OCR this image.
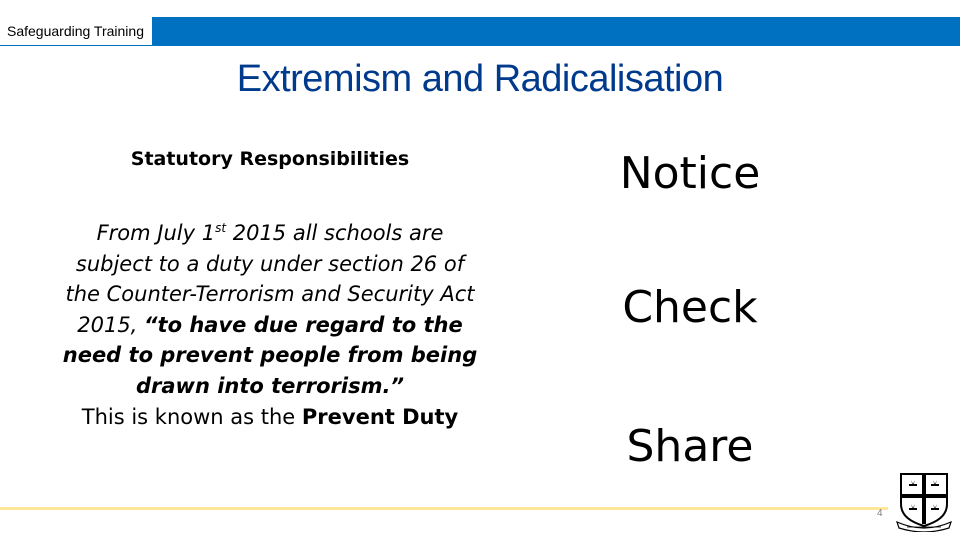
Safeguarding Training
Extremism and Radicalisation
Statutory Responsibilities

From July 1st 2015 all schools are subject to a duty under section 26 of the Counter-Terrorism and Security Act 2015, “to have due regard to the need to prevent people from being drawn into terrorism.”

This is known as the Prevent Duty
Notice
Check
Share
4
